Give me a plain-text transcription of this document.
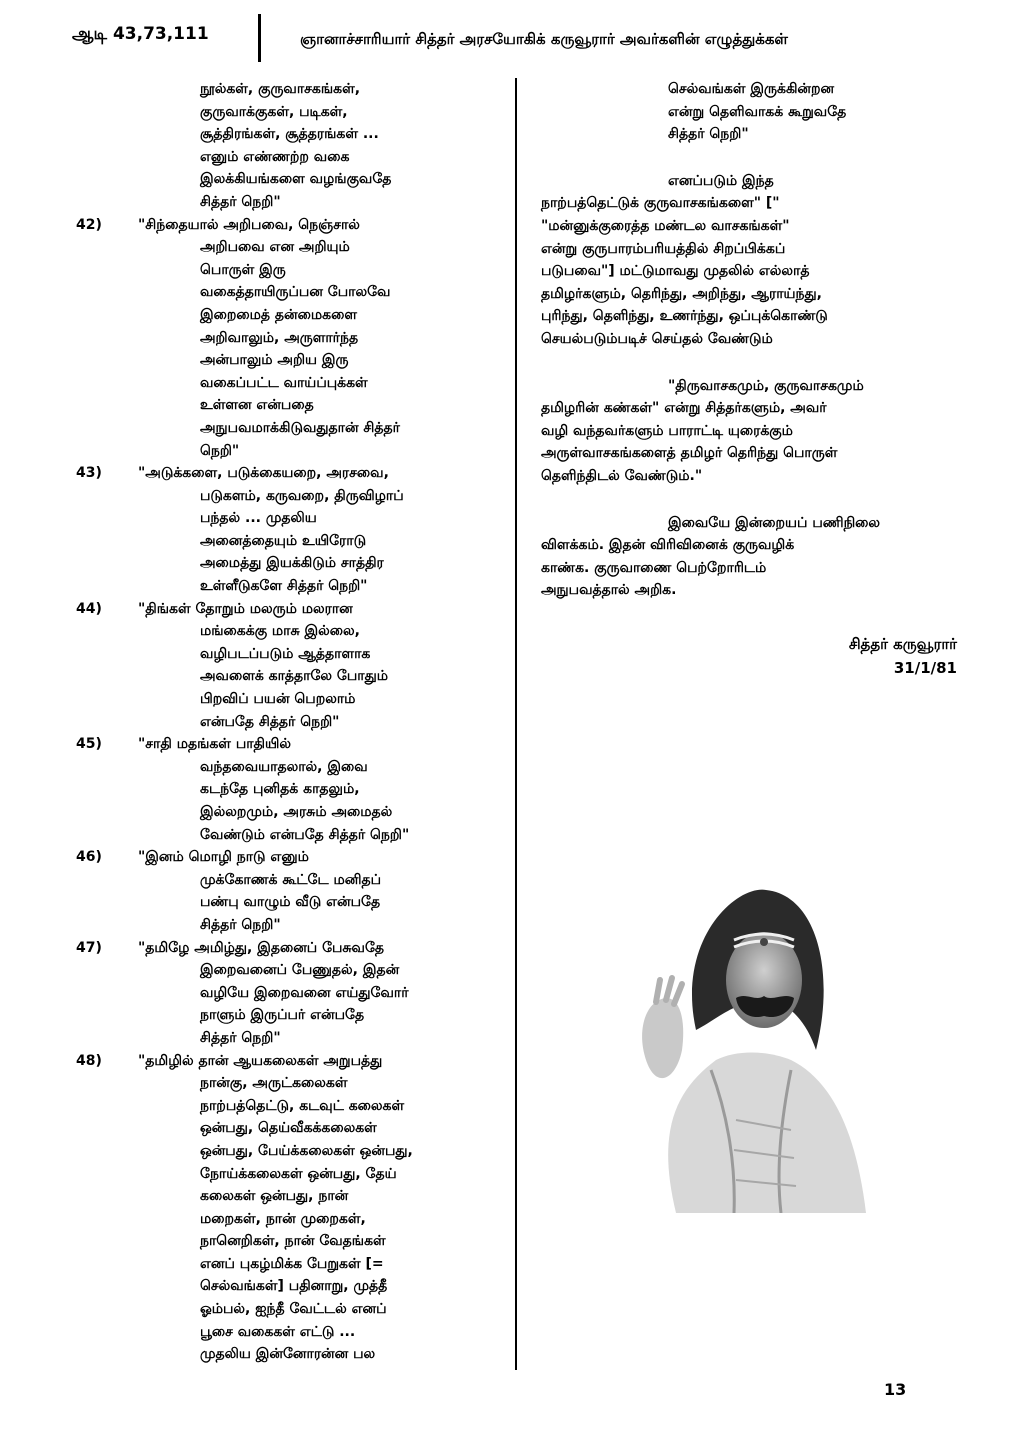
ஆடி 43,73,111	ஞானாச்சாரியார் சித்தர் அரசயோகிக் கருவூரார் அவர்களின் எழுத்துக்கள்
நூல்கள், குருவாசகங்கள்,
குருவாக்குகள், படிகள்,
சூத்திரங்கள், சூத்தரங்கள் ...
எனும் எண்ணற்ற வகை
இலக்கியங்களை வழங்குவதே
சித்தர் நெறி"
42)	"சிந்தையால் அறிபவை, நெஞ்சால்
அறிபவை என அறியும்
பொருள் இரு
வகைத்தாயிருப்பன போலவே
இறைமைத் தன்மைகளை
அறிவாலும், அருளார்ந்த
அன்பாலும் அறிய இரு
வகைப்பட்ட வாய்ப்புக்கள்
உள்ளன என்பதை
அநுபவமாக்கிடுவதுதான் சித்தர்
நெறி"
43)	"அடுக்களை, படுக்கையறை, அரசவை,
படுகளம், கருவறை, திருவிழாப்
பந்தல் ... முதலிய
அனைத்தையும் உயிரோடு
அமைத்து இயக்கிடும் சாத்திர
உள்ளீடுகளே சித்தர் நெறி"
44)	"திங்கள் தோறும் மலரும் மலரான
மங்கைக்கு மாசு இல்லை,
வழிபடப்படும் ஆத்தாளாக
அவளைக் காத்தாலே போதும்
பிறவிப் பயன் பெறலாம்
என்பதே சித்தர் நெறி"
45)	"சாதி மதங்கள் பாதியில்
வந்தவையாதலால், இவை
கடந்தே புனிதக் காதலும்,
இல்லறமும், அரசும் அமைதல்
வேண்டும் என்பதே சித்தர் நெறி"
46)	"இனம் மொழி நாடு எனும்
முக்கோணக் கூட்டே மனிதப்
பண்பு வாழும் வீடு என்பதே
சித்தர் நெறி"
47)	"தமிழே அமிழ்து, இதனைப் பேசுவதே
இறைவனைப் பேணுதல், இதன்
வழியே இறைவனை எய்துவோர்
நாளும் இருப்பர் என்பதே
சித்தர் நெறி"
48)	"தமிழில் தான் ஆயகலைகள் அறுபத்து
நான்கு, அருட்கலைகள்
நாற்பத்தெட்டு, கடவுட் கலைகள்
ஒன்பது, தெய்வீகக்கலைகள்
ஒன்பது, பேய்க்கலைகள் ஒன்பது,
நோய்க்கலைகள் ஒன்பது, தேய்
கலைகள் ஒன்பது, நான்
மறைகள், நான் முறைகள்,
நானெறிகள், நான் வேதங்கள்
எனப் புகழ்மிக்க பேறுகள் [=
செல்வங்கள்] பதினாறு, முத்தீ
ஓம்பல், ஐந்தீ வேட்டல் எனப்
பூசை வகைகள் எட்டு ...
முதலிய இன்னோரன்ன பல

செல்வங்கள் இருக்கின்றன
என்று தெளிவாகக் கூறுவதே
சித்தர் நெறி"

எனப்படும் இந்த
நாற்பத்தெட்டுக் குருவாசகங்களை" ["
"மன்னுக்குரைத்த மண்டல வாசகங்கள்"
என்று குருபாரம்பரியத்தில் சிறப்பிக்கப்
படுபவை"] மட்டுமாவது முதலில் எல்லாத்
தமிழர்களும், தெரிந்து, அறிந்து, ஆராய்ந்து,
புரிந்து, தெளிந்து, உணர்ந்து, ஒப்புக்கொண்டு
செயல்படும்படிச் செய்தல் வேண்டும்

"திருவாசகமும், குருவாசகமும்
தமிழரின் கண்கள்" என்று சித்தர்களும், அவர்
வழி வந்தவர்களும் பாராட்டி யுரைக்கும்
அருள்வாசகங்களைத் தமிழர் தெரிந்து பொருள்
தெளிந்திடல் வேண்டும்."

இவையே இன்றையப் பணிநிலை
விளக்கம். இதன் விரிவினைக் குருவழிக்
காண்க. குருவாணை பெற்றோரிடம்
அநுபவத்தால் அறிக.

சித்தர் கருவூரார்
31/1/81
13
